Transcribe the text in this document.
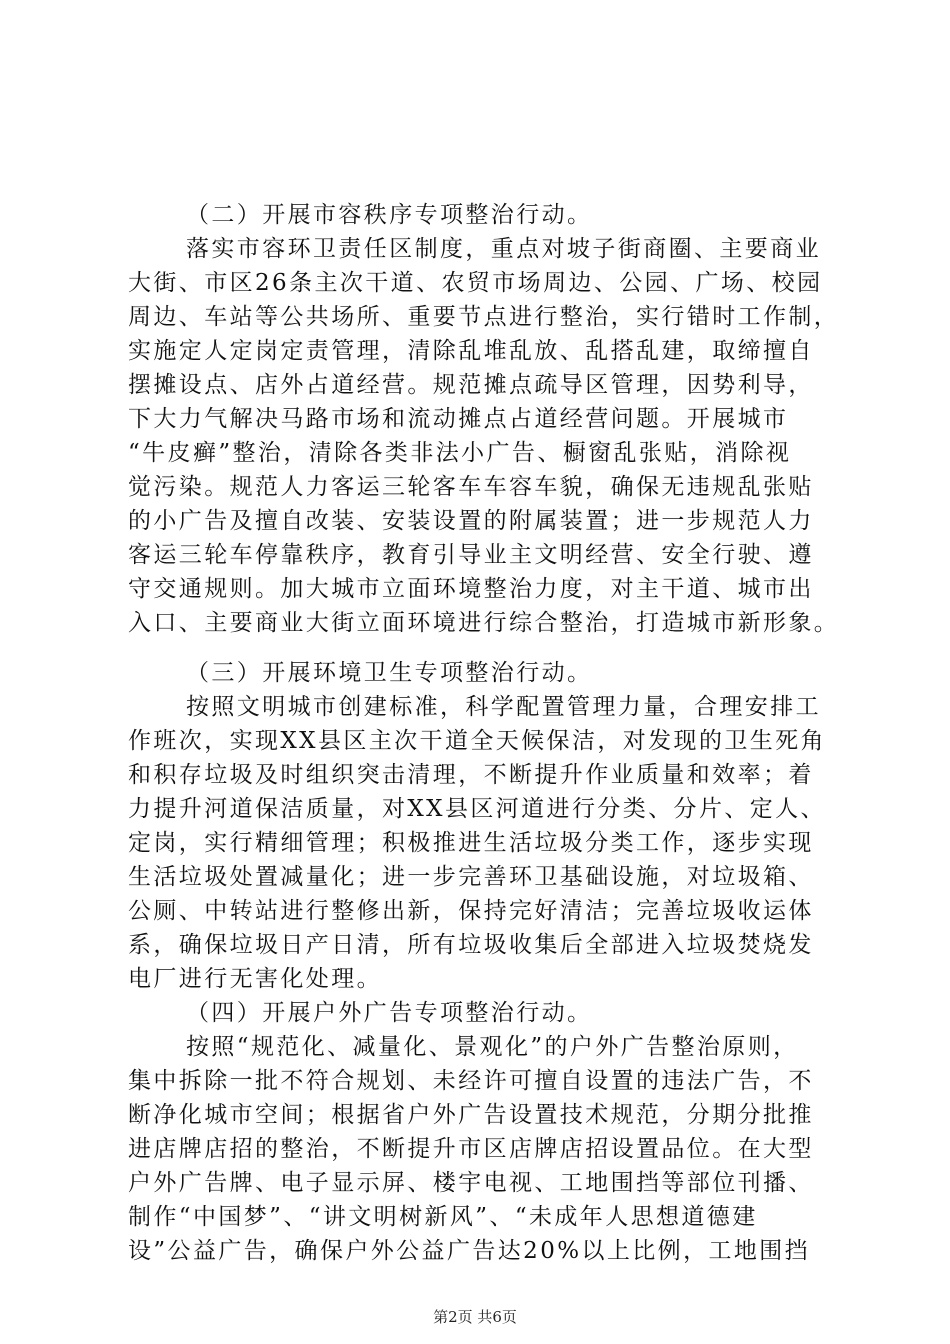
（二）开展市容秩序专项整治行动。
落实市容环卫责任区制度，重点对坡子街商圈、主要商业
大街、市区26条主次干道、农贸市场周边、公园、广场、校园
周边、车站等公共场所、重要节点进行整治，实行错时工作制，
实施定人定岗定责管理，清除乱堆乱放、乱搭乱建，取缔擅自
摆摊设点、店外占道经营。规范摊点疏导区管理，因势利导，
下大力气解决马路市场和流动摊点占道经营问题。开展城市
“牛皮癣”整治，清除各类非法小广告、橱窗乱张贴，消除视
觉污染。规范人力客运三轮客车车容车貌，确保无违规乱张贴
的小广告及擅自改装、安装设置的附属装置；进一步规范人力
客运三轮车停靠秩序，教育引导业主文明经营、安全行驶、遵
守交通规则。加大城市立面环境整治力度，对主干道、城市出
入口、主要商业大街立面环境进行综合整治，打造城市新形象。
（三）开展环境卫生专项整治行动。
按照文明城市创建标准，科学配置管理力量，合理安排工
作班次，实现XX县区主次干道全天候保洁，对发现的卫生死角
和积存垃圾及时组织突击清理，不断提升作业质量和效率；着
力提升河道保洁质量，对XX县区河道进行分类、分片、定人、
定岗，实行精细管理；积极推进生活垃圾分类工作，逐步实现
生活垃圾处置减量化；进一步完善环卫基础设施，对垃圾箱、
公厕、中转站进行整修出新，保持完好清洁；完善垃圾收运体
系，确保垃圾日产日清，所有垃圾收集后全部进入垃圾焚烧发
电厂进行无害化处理。
（四）开展户外广告专项整治行动。
按照“规范化、减量化、景观化”的户外广告整治原则，
集中拆除一批不符合规划、未经许可擅自设置的违法广告，不
断净化城市空间；根据省户外广告设置技术规范，分期分批推
进店牌店招的整治，不断提升市区店牌店招设置品位。在大型
户外广告牌、电子显示屏、楼宇电视、工地围挡等部位刊播、
制作“中国梦”、“讲文明树新风”、“未成年人思想道德建
设”公益广告，确保户外公益广告达20%以上比例，工地围挡
第2页 共6页
